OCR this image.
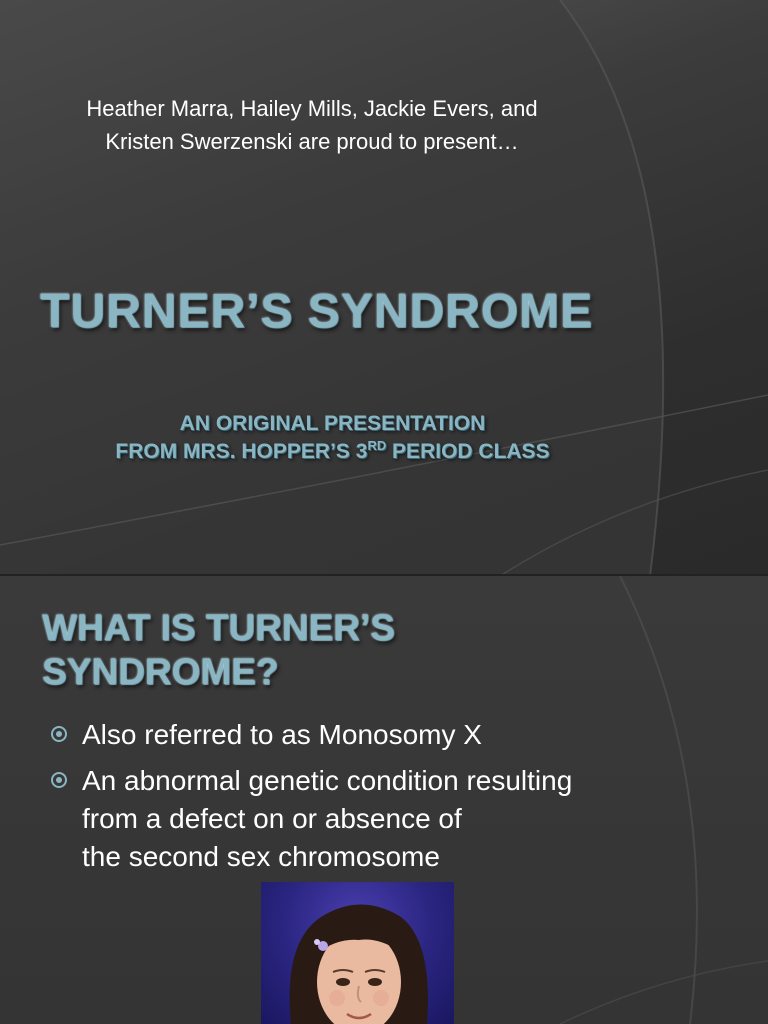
Heather Marra, Hailey Mills, Jackie Evers, and
Kristen Swerzenski are proud to present…
TURNER’S SYNDROME
AN ORIGINAL PRESENTATION
FROM MRS. HOPPER’S 3RD PERIOD CLASS
WHAT IS TURNER’S
SYNDROME?
Also referred to as Monosomy X
An abnormal genetic condition resulting
from a defect on or absence of
the second sex chromosome
